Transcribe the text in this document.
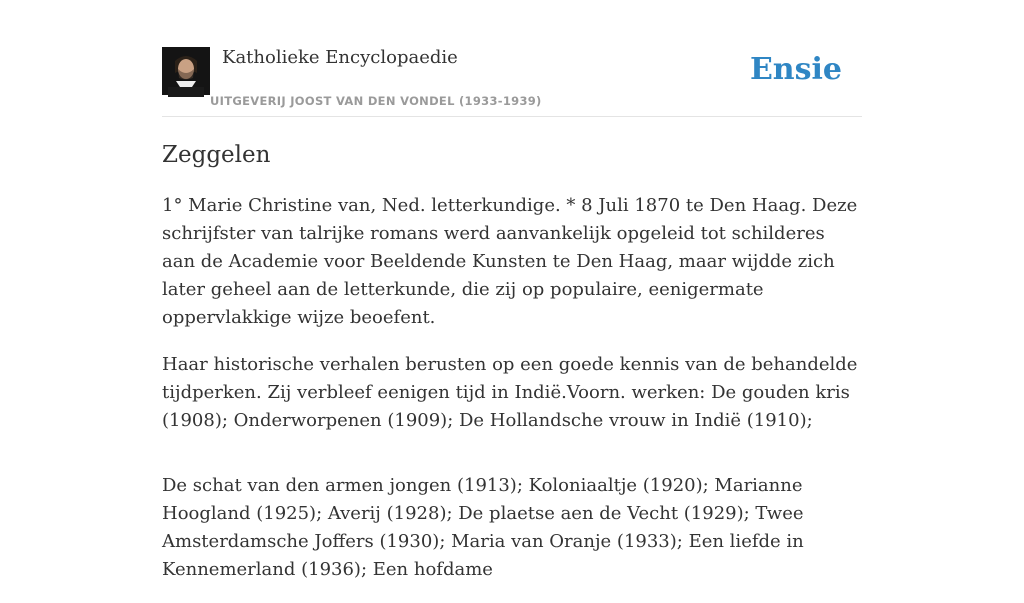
Katholieke Encyclopaedie
UITGEVERIJ JOOST VAN DEN VONDEL (1933-1939)
Ensie
Zeggelen

1° Marie Christine van, Ned. letterkundige. * 8 Juli 1870 te Den Haag. Deze schrijfster van talrijke romans werd aanvankelijk opgeleid tot schilderes aan de Academie voor Beeldende Kunsten te Den Haag, maar wijdde zich later geheel aan de letterkunde, die zij op populaire, eenigermate oppervlakkige wijze beoefent.

Haar historische verhalen berusten op een goede kennis van de behandelde tijdperken. Zij verbleef eenigen tijd in Indië.Voorn. werken: De gouden kris (1908); Onderworpenen (1909); De Hollandsche vrouw in Indië (1910);

De schat van den armen jongen (1913); Koloniaaltje (1920); Marianne Hoogland (1925); Averij (1928); De plaetse aen de Vecht (1929); Twee Amsterdamsche Joffers (1930); Maria van Oranje (1933); Een liefde in Kennemerland (1936); Een hofdame
